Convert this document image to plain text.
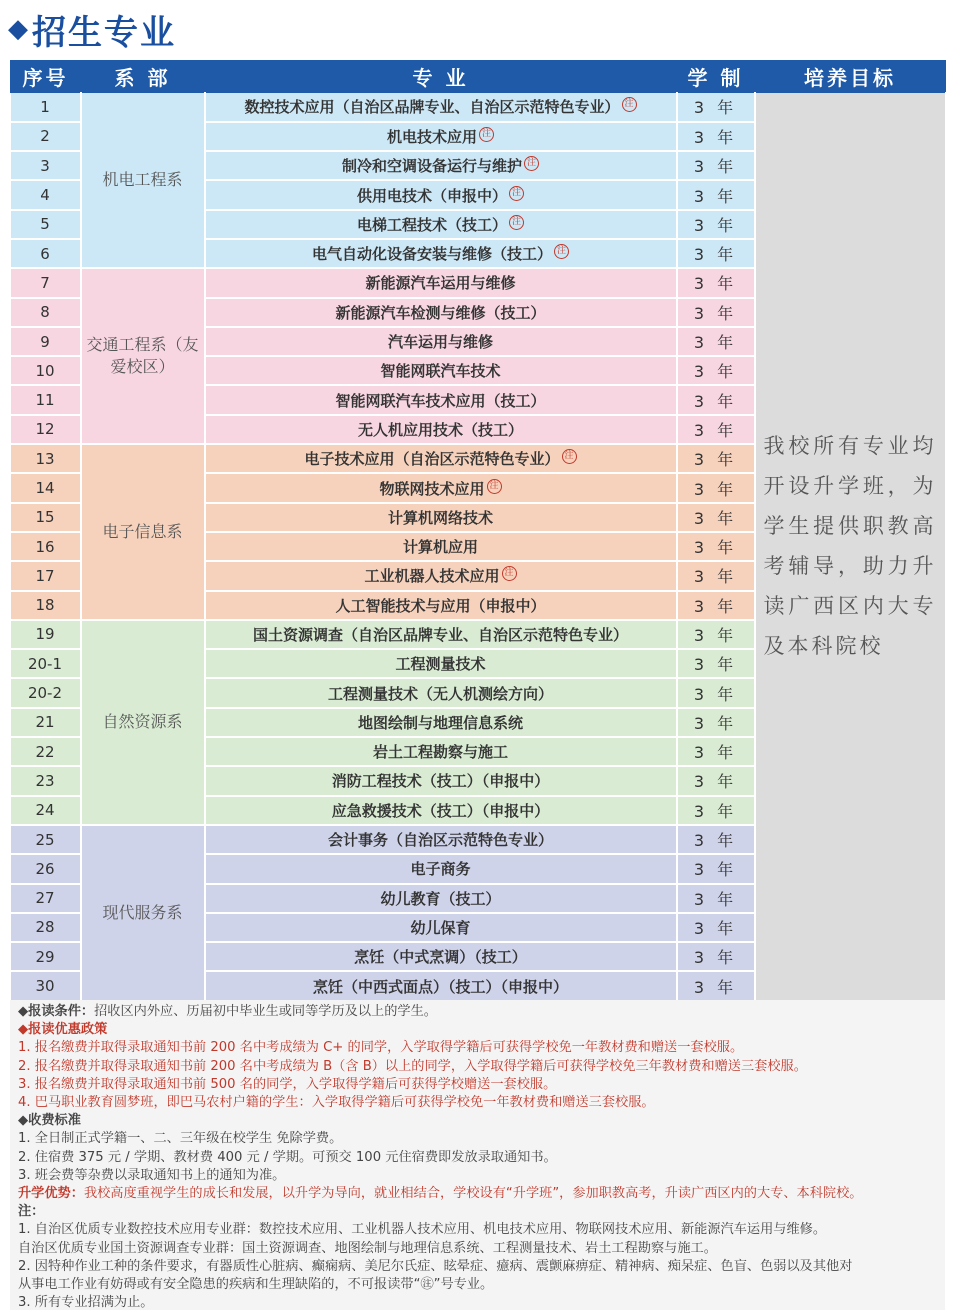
◆ 招生专业
序号	系 部	专 业	学 制	培养目标
1	机电工程系	数控技术应用（自治区品牌专业、自治区示范特色专业） 注	3 年	我校所有专业均开设升学班，为学生提供职教高考辅导，助力升读广西区内大专及本科院校
2		机电技术应用 注	3 年	
3		制冷和空调设备运行与维护 注	3 年	
4		供用电技术（申报中） 注	3 年	
5		电梯工程技术（技工） 注	3 年	
6		电气自动化设备安装与维修（技工） 注	3 年	
7	交通工程系（友爱校区）	新能源汽车运用与维修	3 年	
8		新能源汽车检测与维修（技工）	3 年	
9		汽车运用与维修	3 年	
10		智能网联汽车技术	3 年	
11		智能网联汽车技术应用（技工）	3 年	
12		无人机应用技术（技工）	3 年	
13	电子信息系	电子技术应用（自治区示范特色专业） 注	3 年	
14		物联网技术应用 注	3 年	
15		计算机网络技术	3 年	
16		计算机应用	3 年	
17		工业机器人技术应用 注	3 年	
18		人工智能技术与应用（申报中）	3 年	
19	自然资源系	国土资源调查（自治区品牌专业、自治区示范特色专业）	3 年	
20-1		工程测量技术	3 年	
20-2		工程测量技术（无人机测绘方向）	3 年	
21		地图绘制与地理信息系统	3 年	
22		岩土工程勘察与施工	3 年	
23		消防工程技术（技工）（申报中）	3 年	
24		应急救援技术（技工）（申报中）	3 年	
25	现代服务系	会计事务（自治区示范特色专业）	3 年	
26		电子商务	3 年	
27		幼儿教育（技工）	3 年	
28		幼儿保育	3 年	
29		烹饪（中式烹调）（技工）	3 年	
30		烹饪（中西式面点）（技工）（申报中）	3 年	
◆报读条件：招收区内外应、历届初中毕业生或同等学历及以上的学生。
◆报读优惠政策
1. 报名缴费并取得录取通知书前 200 名中考成绩为 C+ 的同学，入学取得学籍后可获得学校免一年教材费和赠送一套校服。
2. 报名缴费并取得录取通知书前 200 名中考成绩为 B（含 B）以上的同学，入学取得学籍后可获得学校免三年教材费和赠送三套校服。
3. 报名缴费并取得录取通知书前 500 名的同学，入学取得学籍后可获得学校赠送一套校服。
4. 巴马职业教育圆梦班，即巴马农村户籍的学生：入学取得学籍后可获得学校免一年教材费和赠送三套校服。
◆收费标准
1. 全日制正式学籍一、二、三年级在校学生 免除学费。
2. 住宿费 375 元 / 学期、教材费 400 元 / 学期。可预交 100 元住宿费即发放录取通知书。
3. 班会费等杂费以录取通知书上的通知为准。
升学优势：我校高度重视学生的成长和发展，以升学为导向，就业相结合，学校设有“升学班”，参加职教高考，升读广西区内的大专、本科院校。
注：
1. 自治区优质专业数控技术应用专业群：数控技术应用、工业机器人技术应用、机电技术应用、物联网技术应用、新能源汽车运用与维修。
自治区优质专业国土资源调查专业群：国土资源调查、地图绘制与地理信息系统、工程测量技术、岩土工程勘察与施工。
2. 因特种作业工种的条件要求，有器质性心脏病、癫痫病、美尼尔氏症、眩晕症、癔病、震颤麻痹症、精神病、痴呆症、色盲、色弱以及其他对
从事电工作业有妨碍或有安全隐患的疾病和生理缺陷的，不可报读带“㊟”号专业。
3. 所有专业招满为止。
